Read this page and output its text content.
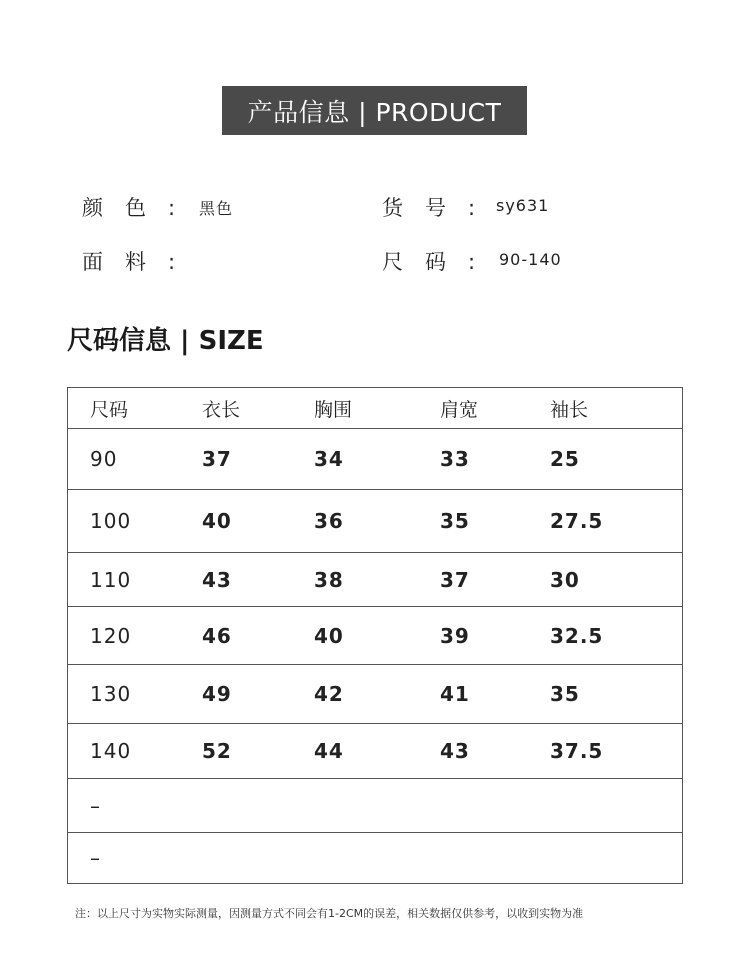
产品信息 | PRODUCT
颜色: 黑色	货号:
sy631
面料:	尺码: 90-140
尺码信息 | SIZE
尺码	衣长	胸围	肩宽	袖长
90	37	34	33	25
100	40	36	35	27.5
110	43	38	37	30
120	46	40	39	32.5
130	49	42	41	35
140	52	44	43	37.5
–
–
注：以上尺寸为实物实际测量，因测量方式不同会有1-2CM的误差，相关数据仅供参考，以收到实物为准
